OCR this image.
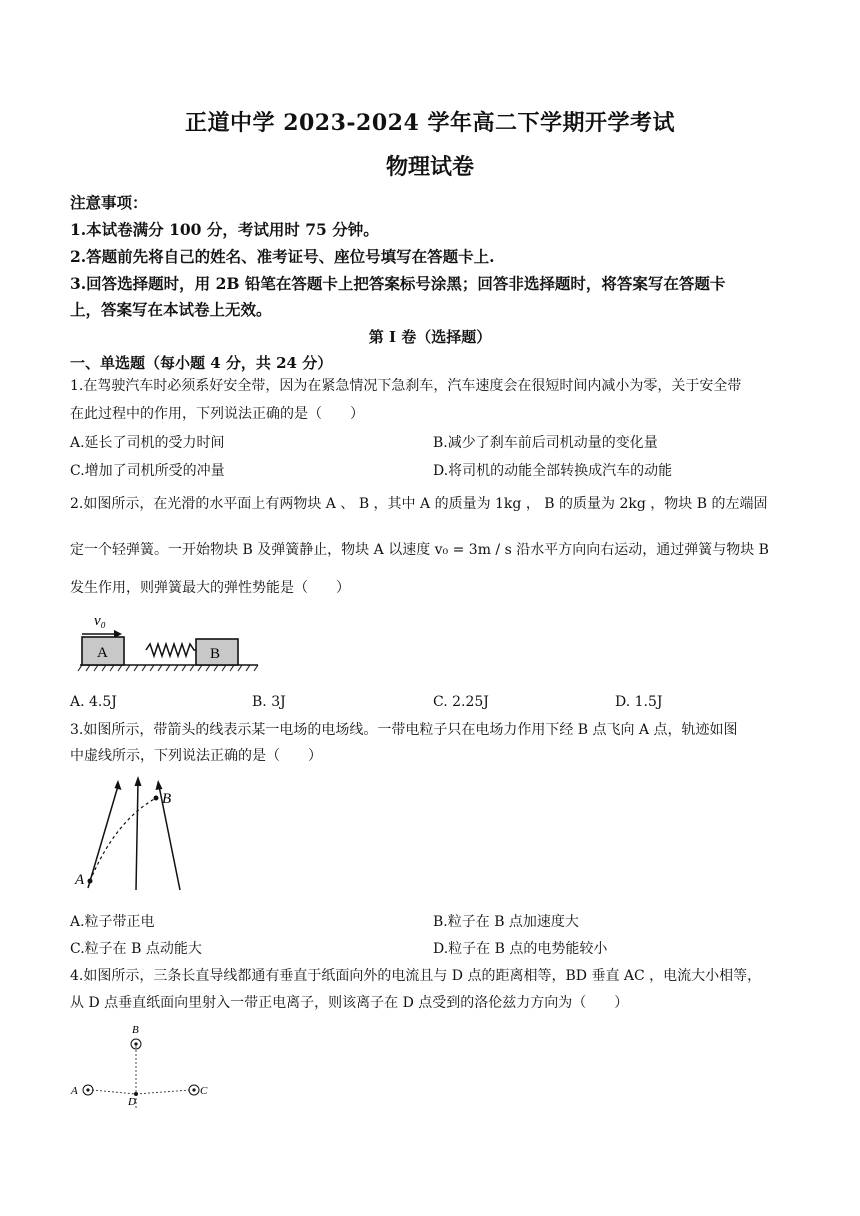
正道中学 2023-2024 学年高二下学期开学考试
物理试卷
注意事项：
1.本试卷满分 100 分，考试用时 75 分钟。
2.答题前先将自己的姓名、准考证号、座位号填写在答题卡上.
3.回答选择题时，用 2B 铅笔在答题卡上把答案标号涂黑；回答非选择题时，将答案写在答题卡
上，答案写在本试卷上无效。
第 I 卷（选择题）
一、单选题（每小题 4 分，共 24 分）
1.在驾驶汽车时必须系好安全带，因为在紧急情况下急刹车，汽车速度会在很短时间内减小为零，关于安全带
在此过程中的作用，下列说法正确的是（　　）
A.延长了司机的受力时间	B.减少了刹车前后司机动量的变化量
C.增加了司机所受的冲量	D.将司机的动能全部转换成汽车的动能
2.如图所示，在光滑的水平面上有两物块 A 、 B ，其中 A 的质量为 1kg ， B 的质量为 2kg ，物块 B 的左端固
定一个轻弹簧。一开始物块 B 及弹簧静止，物块 A 以速度 v₀ = 3m / s 沿水平方向向右运动，通过弹簧与物块 B
发生作用，则弹簧最大的弹性势能是（　　）
v₀
A	B
A. 4.5J	B. 3J	C. 2.25J	D. 1.5J
3.如图所示，带箭头的线表示某一电场的电场线。一带电粒子只在电场力作用下经 B 点飞向 A 点，轨迹如图
中虚线所示，下列说法正确的是（　　）
A
B
A.粒子带正电	B.粒子在 B 点加速度大
C.粒子在 B 点动能大	D.粒子在 B 点的电势能较小
4.如图所示，三条长直导线都通有垂直于纸面向外的电流且与 D 点的距离相等，BD 垂直 AC ，电流大小相等，
从 D 点垂直纸面向里射入一带正电离子，则该离子在 D 点受到的洛伦兹力方向为（　　）
B
A	C
D
